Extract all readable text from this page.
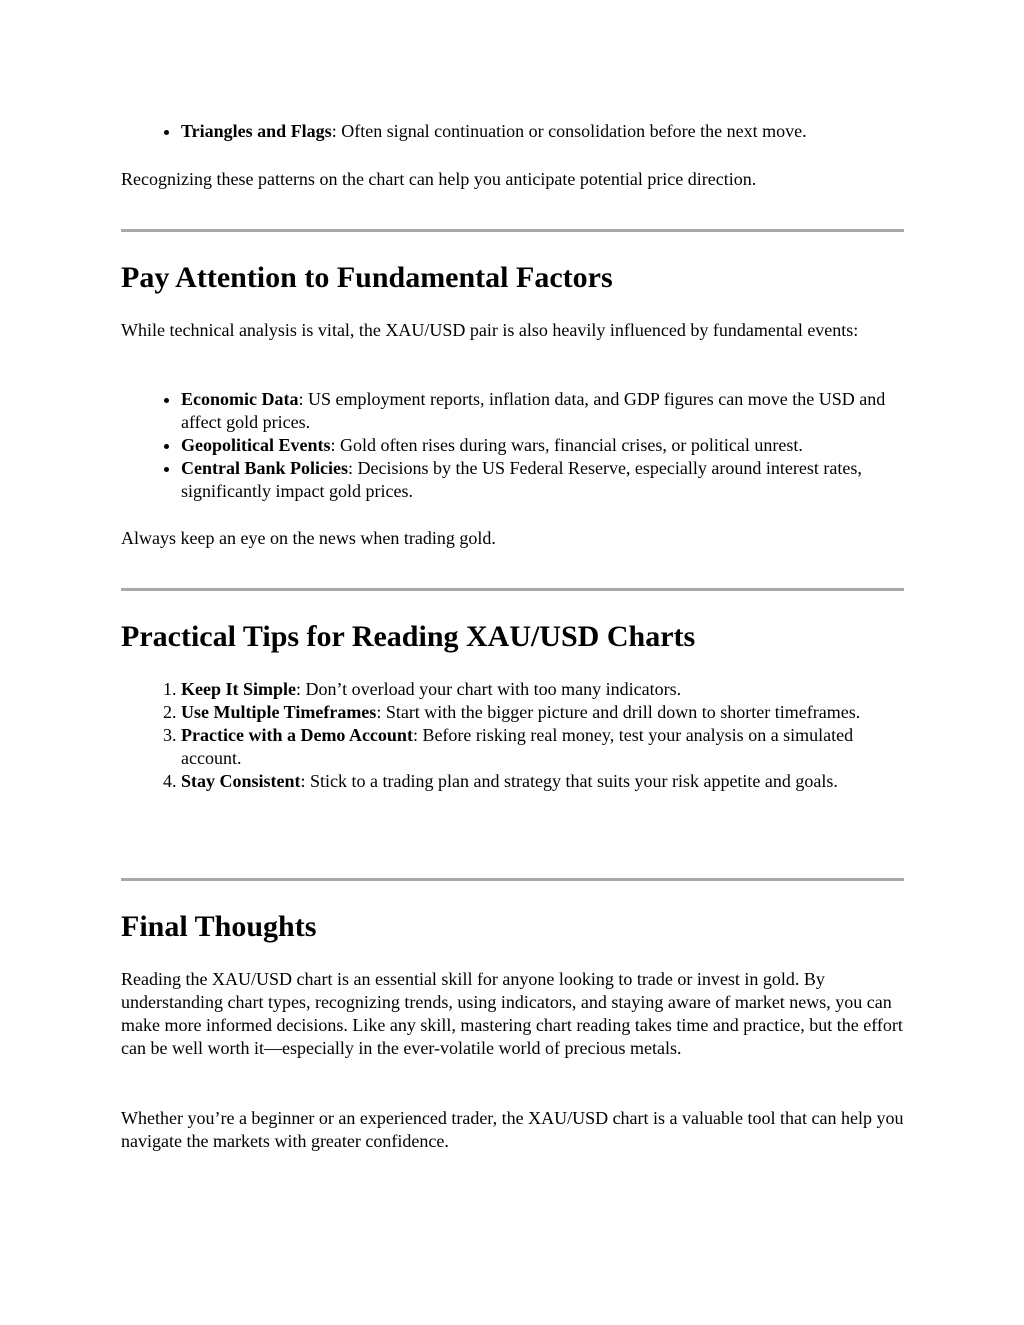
• Triangles and Flags: Often signal continuation or consolidation before the next move.

Recognizing these patterns on the chart can help you anticipate potential price direction.

Pay Attention to Fundamental Factors

While technical analysis is vital, the XAU/USD pair is also heavily influenced by fundamental events:

• Economic Data: US employment reports, inflation data, and GDP figures can move the USD and affect gold prices.
• Geopolitical Events: Gold often rises during wars, financial crises, or political unrest.
• Central Bank Policies: Decisions by the US Federal Reserve, especially around interest rates, significantly impact gold prices.

Always keep an eye on the news when trading gold.

Practical Tips for Reading XAU/USD Charts
1. Keep It Simple: Don’t overload your chart with too many indicators.
2. Use Multiple Timeframes: Start with the bigger picture and drill down to shorter timeframes.
3. Practice with a Demo Account: Before risking real money, test your analysis on a simulated account.
4. Stay Consistent: Stick to a trading plan and strategy that suits your risk appetite and goals.
Final Thoughts

Reading the XAU/USD chart is an essential skill for anyone looking to trade or invest in gold. By understanding chart types, recognizing trends, using indicators, and staying aware of market news, you can make more informed decisions. Like any skill, mastering chart reading takes time and practice, but the effort can be well worth it—especially in the ever-volatile world of precious metals.

Whether you’re a beginner or an experienced trader, the XAU/USD chart is a valuable tool that can help you navigate the markets with greater confidence.
